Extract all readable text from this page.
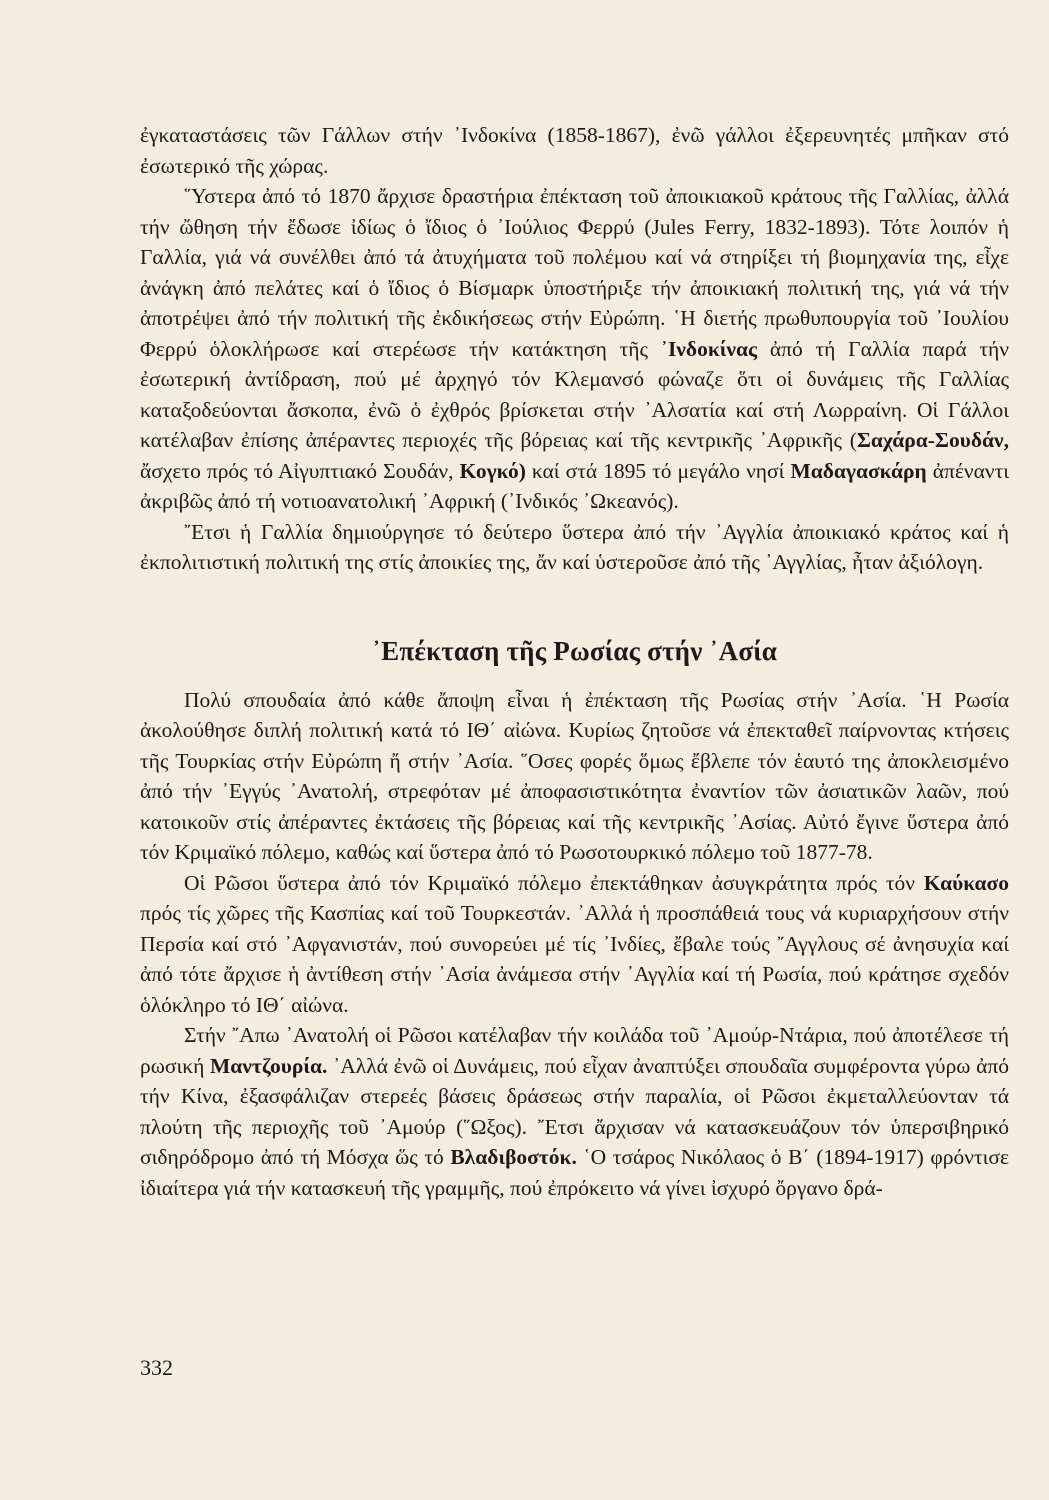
ἐγκαταστάσεις τῶν Γάλλων στήν ᾿Ινδοκίνα (1858-1867), ἐνῶ γάλλοι ἐξερευνητές μπῆκαν στό ἐσωτερικό τῆς χώρας.

῞Υστερα ἀπό τό 1870 ἄρχισε δραστήρια ἐπέκταση τοῦ ἀποικιακοῦ κράτους τῆς Γαλλίας, ἀλλά τήν ὤθηση τήν ἔδωσε ἰδίως ὁ ἴδιος ὁ ᾿Ιούλιος Φερρύ (Jules Ferry, 1832-1893). Τότε λοιπόν ἡ Γαλλία, γιά νά συνέλθει ἀπό τά ἀτυχήματα τοῦ πολέμου καί νά στηρίξει τή βιομηχανία της, εἶχε ἀνάγκη ἀπό πελάτες καί ὁ ἴδιος ὁ Βίσμαρκ ὑποστήριξε τήν ἀποικιακή πολιτική της, γιά νά τήν ἀποτρέψει ἀπό τήν πολιτική τῆς ἐκδικήσεως στήν Εὐρώπη. ῾Η διετής πρωθυπουργία τοῦ ᾿Ιουλίου Φερρύ ὁλοκλήρωσε καί στερέωσε τήν κατάκτηση τῆς ᾿Ινδοκίνας ἀπό τή Γαλλία παρά τήν ἐσωτερική ἀντίδραση, πού μέ ἀρχηγό τόν Κλεμανσό φώναζε ὅτι οἱ δυνάμεις τῆς Γαλλίας καταξοδεύονται ἄσκοπα, ἐνῶ ὁ ἐχθρός βρίσκεται στήν ᾿Αλσατία καί στή Λωρραίνη. Οἱ Γάλλοι κατέλαβαν ἐπίσης ἀπέραντες περιοχές τῆς βόρειας καί τῆς κεντρικῆς ᾿Αφρικῆς (Σαχάρα-Σουδάν, ἄσχετο πρός τό Αἰγυπτιακό Σουδάν, Κογκό) καί στά 1895 τό μεγάλο νησί Μαδαγασκάρη ἀπέναντι ἀκριβῶς ἀπό τή νοτιοανατολική ᾿Αφρική (᾿Ινδικός ᾿Ωκεανός).

῎Ετσι ἡ Γαλλία δημιούργησε τό δεύτερο ὕστερα ἀπό τήν ᾿Αγγλία ἀποικιακό κράτος καί ἡ ἐκπολιτιστική πολιτική της στίς ἀποικίες της, ἄν καί ὑστεροῦσε ἀπό τῆς ᾿Αγγλίας, ἦταν ἀξιόλογη.

᾿Επέκταση τῆς Ρωσίας στήν ᾿Ασία

Πολύ σπουδαία ἀπό κάθε ἄποψη εἶναι ἡ ἐπέκταση τῆς Ρωσίας στήν ᾿Ασία. ῾Η Ρωσία ἀκολούθησε διπλή πολιτική κατά τό ΙΘ΄ αἰώνα. Κυρίως ζητοῦσε νά ἐπεκταθεῖ παίρνοντας κτήσεις τῆς Τουρκίας στήν Εὐρώπη ἤ στήν ᾿Ασία. ῞Οσες φορές ὅμως ἔβλεπε τόν ἑαυτό της ἀποκλεισμένο ἀπό τήν ᾿Εγγύς ᾿Ανατολή, στρεφόταν μέ ἀποφασιστικότητα ἐναντίον τῶν ἀσιατικῶν λαῶν, πού κατοικοῦν στίς ἀπέραντες ἐκτάσεις τῆς βόρειας καί τῆς κεντρικῆς ᾿Ασίας. Αὐτό ἔγινε ὕστερα ἀπό τόν Κριμαϊκό πόλεμο, καθώς καί ὕστερα ἀπό τό Ρωσοτουρκικό πόλεμο τοῦ 1877-78.

Οἱ Ρῶσοι ὕστερα ἀπό τόν Κριμαϊκό πόλεμο ἐπεκτάθηκαν ἀσυγκράτητα πρός τόν Καύκασο πρός τίς χῶρες τῆς Κασπίας καί τοῦ Τουρκεστάν. ᾿Αλλά ἡ προσπάθειά τους νά κυριαρχήσουν στήν Περσία καί στό ᾿Αφγανιστάν, πού συνορεύει μέ τίς ᾿Ινδίες, ἔβαλε τούς ῎Αγγλους σέ ἀνησυχία καί ἀπό τότε ἄρχισε ἡ ἀντίθεση στήν ᾿Ασία ἀνάμεσα στήν ᾿Αγγλία καί τή Ρωσία, πού κράτησε σχεδόν ὁλόκληρο τό ΙΘ΄ αἰώνα.

Στήν ῎Απω ᾿Ανατολή οἱ Ρῶσοι κατέλαβαν τήν κοιλάδα τοῦ ᾿Αμούρ-Ντάρια, πού ἀποτέλεσε τή ρωσική Μαντζουρία. ᾿Αλλά ἐνῶ οἱ Δυνάμεις, πού εἶχαν ἀναπτύξει σπουδαῖα συμφέροντα γύρω ἀπό τήν Κίνα, ἐξασφάλιζαν στερεές βάσεις δράσεως στήν παραλία, οἱ Ρῶσοι ἐκμεταλλεύονταν τά πλούτη τῆς περιοχῆς τοῦ ᾿Αμούρ (῞Ωξος). ῎Ετσι ἄρχισαν νά κατασκευάζουν τόν ὑπερσιβηρικό σιδηρόδρομο ἀπό τή Μόσχα ὥς τό Βλαδιβοστόκ. ῾Ο τσάρος Νικόλαος ὁ Β΄ (1894-1917) φρόντισε ἰδιαίτερα γιά τήν κατασκευή τῆς γραμμῆς, πού ἐπρόκειτο νά γίνει ἰσχυρό ὄργανο δρά-

332
